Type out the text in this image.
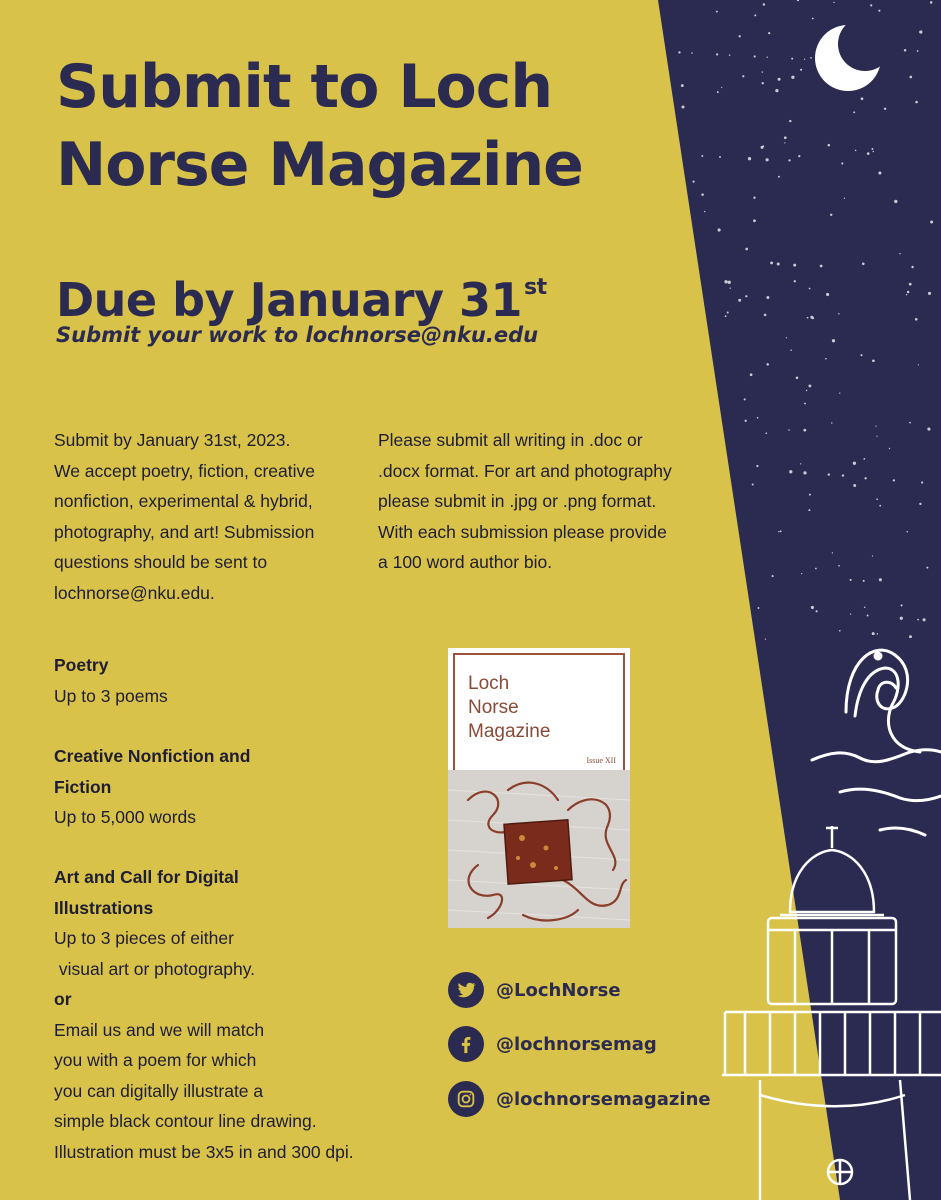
Submit to Loch Norse Magazine
Due by January 31st

Submit your work to lochnorse@nku.edu

Submit by January 31st, 2023.
We accept poetry, fiction, creative
nonfiction, experimental & hybrid,
photography, and art! Submission
questions should be sent to
lochnorse@nku.edu.

Please submit all writing in .doc or
.docx format. For art and photography
please submit in .jpg or .png format.
With each submission please provide
a 100 word author bio.

Poetry
Up to 3 poems
Creative Nonfiction and
Fiction
Up to 5,000 words
Art and Call for Digital
Illustrations
Up to 3 pieces of either
visual art or photography.
or
Email us and we will match
you with a poem for which
you can digitally illustrate a
simple black contour line drawing.
Illustration must be 3x5 in and 300 dpi.
Loch
Norse
Magazine
Issue XII
@LochNorse
@lochnorsemag
@lochnorsemagazine
